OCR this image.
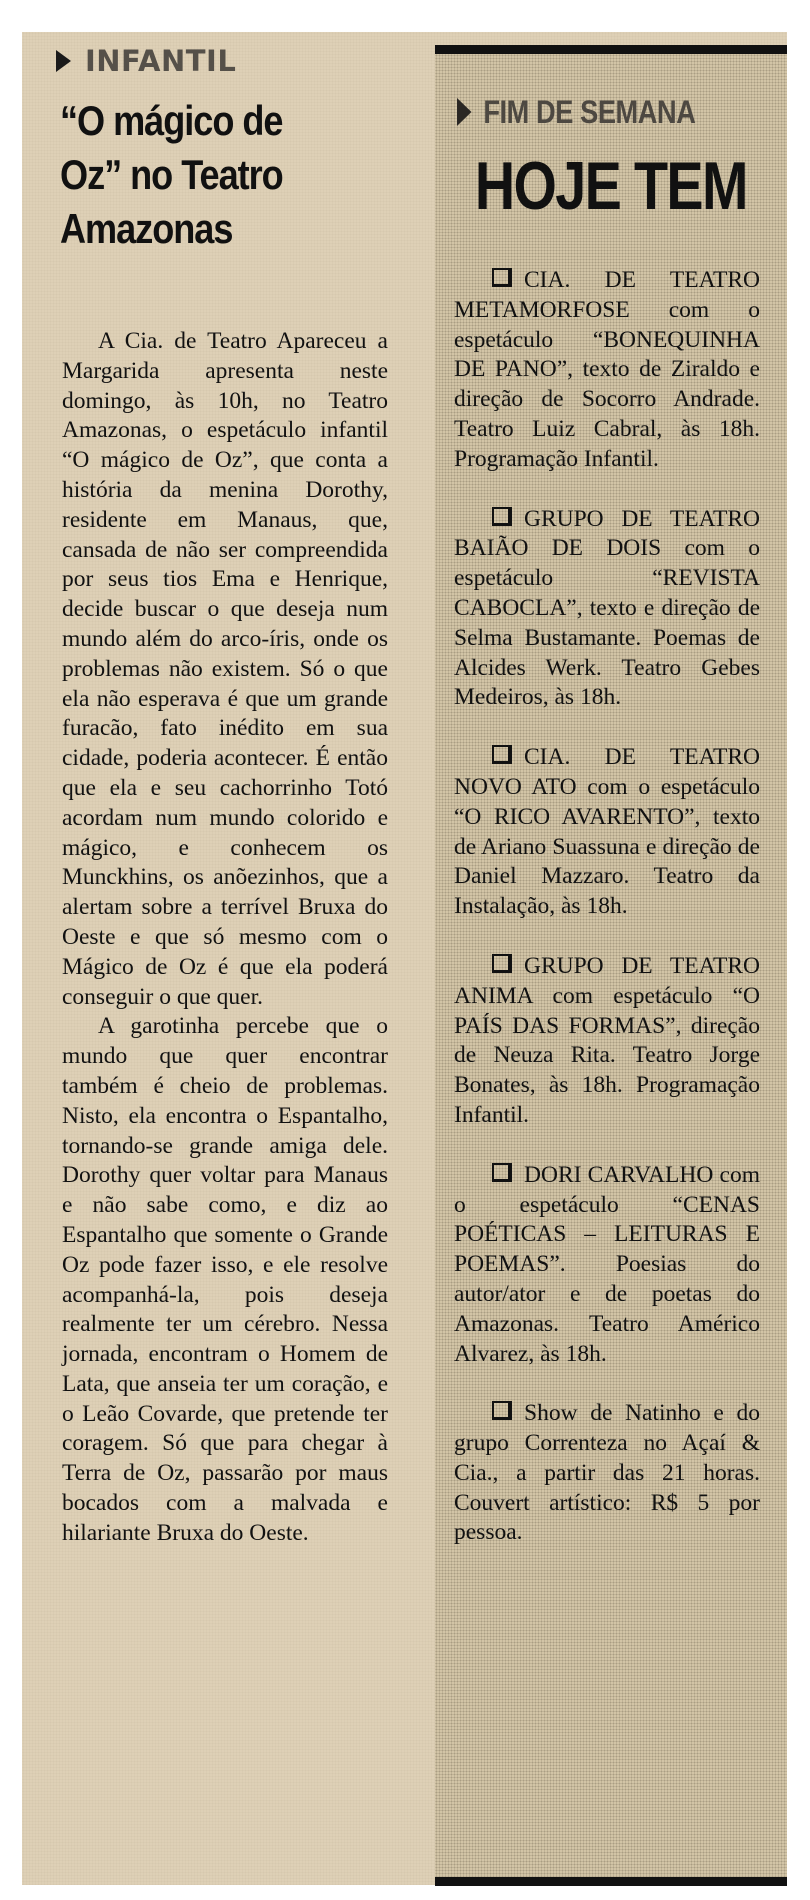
INFANTIL
“O mágico de
Oz” no Teatro
Amazonas

A Cia. de Teatro Apareceu a Margarida apresenta neste domingo, às 10h, no Teatro Amazonas, o espetáculo infantil “O mágico de Oz”, que conta a história da menina Dorothy, residente em Manaus, que, cansada de não ser compreendida por seus tios Ema e Henrique, decide buscar o que deseja num mundo além do arco-íris, onde os problemas não existem. Só o que ela não esperava é que um grande furacão, fato inédito em sua cidade, poderia acontecer. É então que ela e seu cachorrinho Totó acordam num mundo colorido e mágico, e conhecem os Munckhins, os anõezinhos, que a alertam sobre a terrível Bruxa do Oeste e que só mesmo com o Mágico de Oz é que ela poderá conseguir o que quer.

A garotinha percebe que o mundo que quer encontrar também é cheio de problemas. Nisto, ela encontra o Espantalho, tornando-se grande amiga dele. Dorothy quer voltar para Manaus e não sabe como, e diz ao Espantalho que somente o Grande Oz pode fazer isso, e ele resolve acompanhá-la, pois deseja realmente ter um cérebro. Nessa jornada, encontram o Homem de Lata, que anseia ter um coração, e o Leão Covarde, que pretende ter coragem. Só que para chegar à Terra de Oz, passarão por maus bocados com a malvada e hilariante Bruxa do Oeste.

FIM DE SEMANA
HOJE TEM

CIA. DE TEATRO METAMORFOSE com o espetáculo “BONEQUINHA DE PANO”, texto de Ziraldo e direção de Socorro Andrade. Teatro Luiz Cabral, às 18h. Programação Infantil.

GRUPO DE TEATRO BAIÃO DE DOIS com o espetáculo “REVISTA CABOCLA”, texto e direção de Selma Bustamante. Poemas de Alcides Werk. Teatro Gebes Medeiros, às 18h.

CIA. DE TEATRO NOVO ATO com o espetáculo “O RICO AVARENTO”, texto de Ariano Suassuna e direção de Daniel Mazzaro. Teatro da Instalação, às 18h.

GRUPO DE TEATRO ANIMA com espetáculo “O PAÍS DAS FORMAS”, direção de Neuza Rita. Teatro Jorge Bonates, às 18h. Programação Infantil.

DORI CARVALHO com o espetáculo “CENAS POÉTICAS – LEITURAS E POEMAS”. Poesias do autor/ator e de poetas do Amazonas. Teatro Américo Alvarez, às 18h.

Show de Natinho e do grupo Correnteza no Açaí & Cia., a partir das 21 horas. Couvert artístico: R$ 5 por pessoa.
